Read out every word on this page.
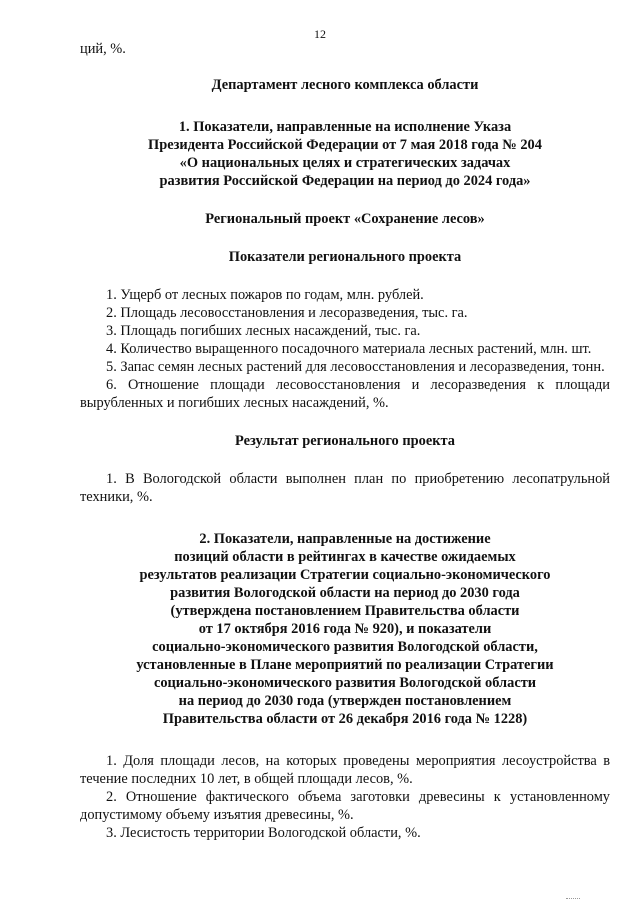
12

ций, %.

Департамент лесного комплекса области

1. Показатели, направленные на исполнение Указа
Президента Российской Федерации от 7 мая 2018 года № 204
«О национальных целях и стратегических задачах
развития Российской Федерации на период до 2024 года»

Региональный проект «Сохранение лесов»

Показатели регионального проекта

1. Ущерб от лесных пожаров по годам, млн. рублей.

2. Площадь лесовосстановления и лесоразведения, тыс. га.

3. Площадь погибших лесных насаждений, тыс. га.

4. Количество выращенного посадочного материала лесных растений, млн. шт.

5. Запас семян лесных растений для лесовосстановления и лесоразведения, тонн.

6. Отношение площади лесовосстановления и лесоразведения к площади вырубленных и погибших лесных насаждений, %.

Результат регионального проекта

1. В Вологодской области выполнен план по приобретению лесопатрульной техники, %.

2. Показатели, направленные на достижение
позиций области в рейтингах в качестве ожидаемых
результатов реализации Стратегии социально-экономического
развития Вологодской области на период до 2030 года
(утверждена постановлением Правительства области
от 17 октября 2016 года № 920), и показатели
социально-экономического развития Вологодской области,
установленные в Плане мероприятий по реализации Стратегии
социально-экономического развития Вологодской области
на период до 2030 года (утвержден постановлением
Правительства области от 26 декабря 2016 года № 1228)

1. Доля площади лесов, на которых проведены мероприятия лесоустройства в течение последних 10 лет, в общей площади лесов, %.

2. Отношение фактического объема заготовки древесины к установленному допустимому объему изъятия древесины, %.

3. Лесистость территории Вологодской области, %.
